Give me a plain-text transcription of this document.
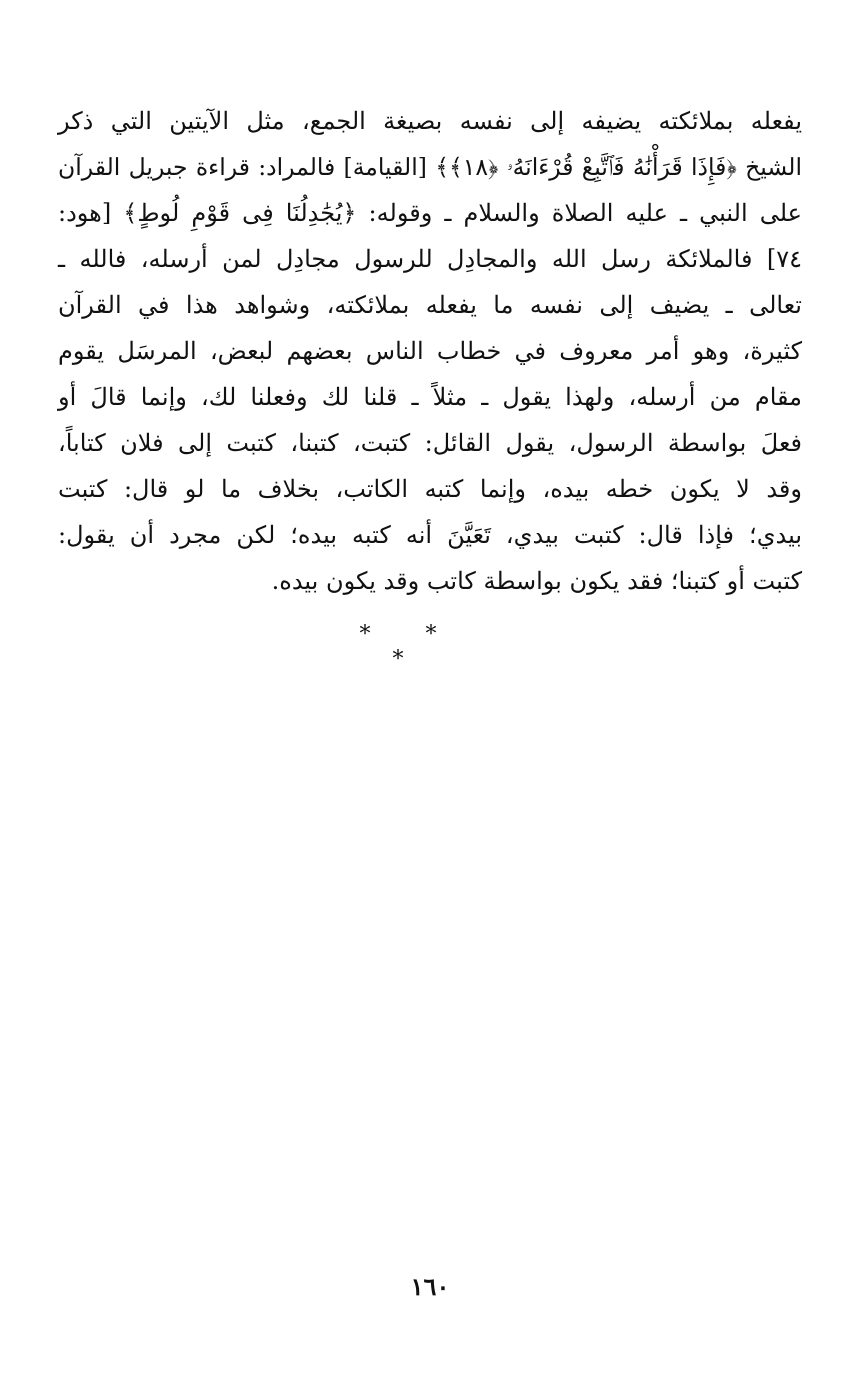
يفعله بملائكته يضيفه إلى نفسه بصيغة الجمع، مثل الآيتين التي ذكر
الشيخ ﴿فَإِذَا قَرَأْنَٰهُ فَٱتَّبِعْ قُرْءَانَهُۥ ﴿١٨﴾﴾ [القيامة] فالمراد: قراءة جبريل القرآن
على النبي ـ عليه الصلاة والسلام ـ وقوله: ﴿يُجَٰدِلُنَا فِى قَوْمِ لُوطٍ﴾ [هود:
٧٤] فالملائكة رسل الله والمجادِل للرسول مجادِل لمن أرسله، فالله ـ
تعالى ـ يضيف إلى نفسه ما يفعله بملائكته، وشواهد هذا في القرآن
كثيرة، وهو أمر معروف في خطاب الناس بعضهم لبعض، المرسَل يقوم
مقام من أرسله، ولهذا يقول ـ مثلاً ـ قلنا لك وفعلنا لك، وإنما قالَ أو
فعلَ بواسطة الرسول، يقول القائل: كتبت، كتبنا، كتبت إلى فلان كتاباً،
وقد لا يكون خطه بيده، وإنما كتبه الكاتب، بخلاف ما لو قال: كتبت
بيدي؛ فإذا قال: كتبت بيدي، تَعَيَّنَ أنه كتبه بيده؛ لكن مجرد أن يقول:
كتبت أو كتبنا؛ فقد يكون بواسطة كاتب وقد يكون بيده.
* * *
١٦٠
